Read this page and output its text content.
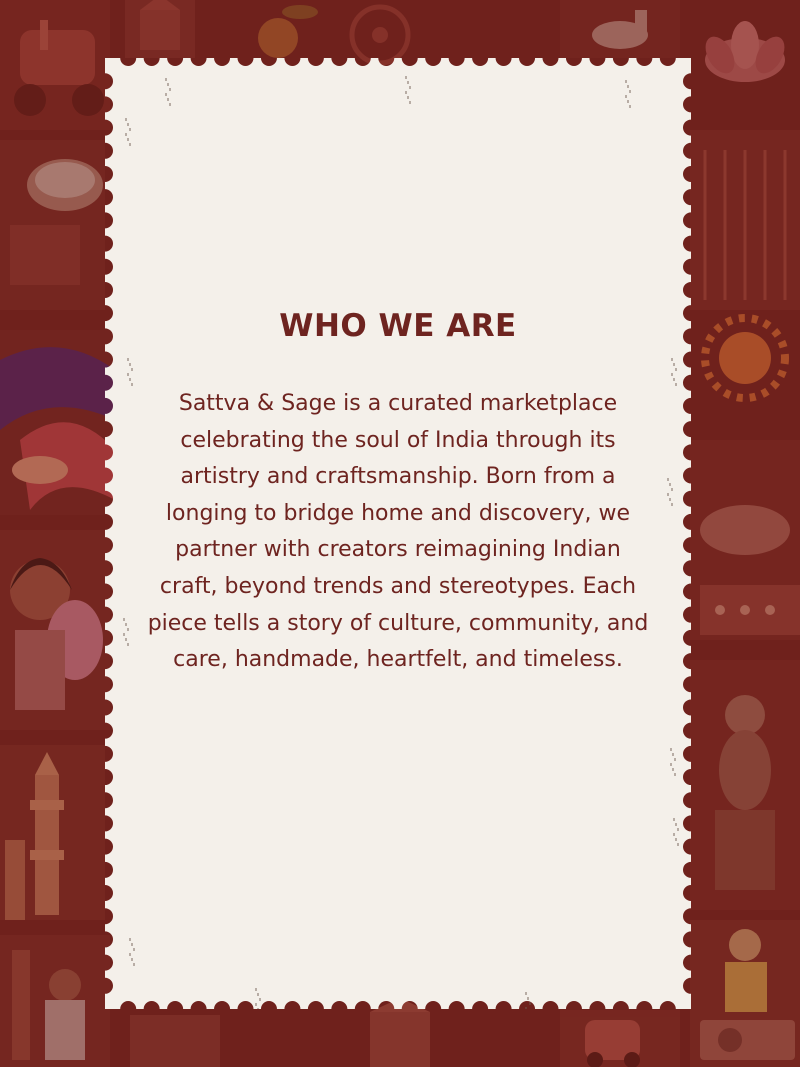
WHO WE ARE

Sattva & Sage is a curated marketplace celebrating the soul of India through its artistry and craftsmanship. Born from a longing to bridge home and discovery, we partner with creators reimagining Indian craft, beyond trends and stereotypes. Each piece tells a story of culture, community, and care, handmade, heartfelt, and timeless.
